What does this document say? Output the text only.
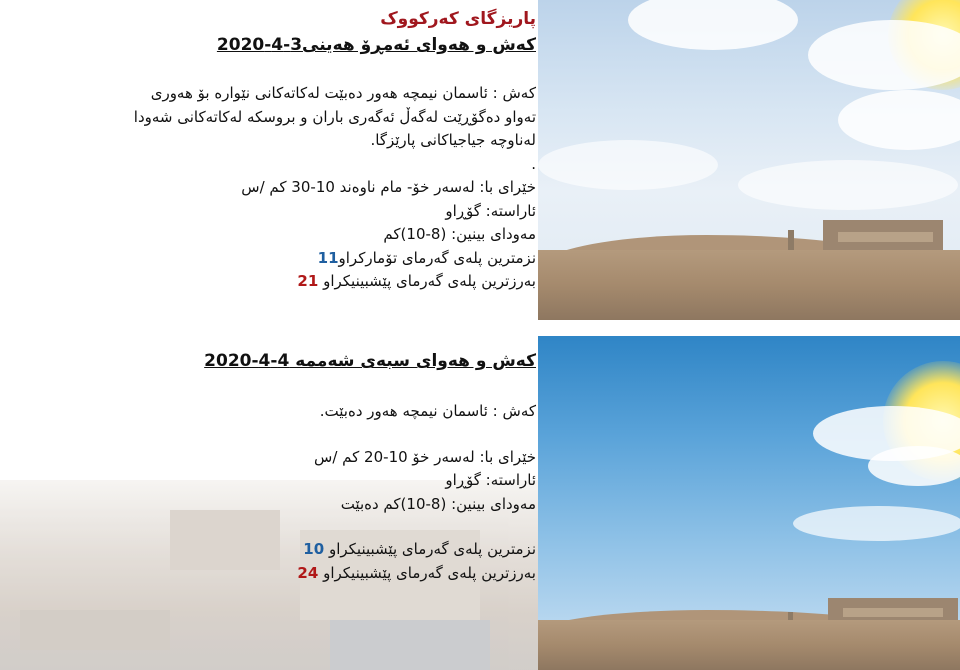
پاریزگای کەرکووک
کەش و هەوای ئەمڕۆ هەینی3-4-2020
کەش : ئاسمان نیمچە هەور دەبێت لەکاتەکانی نێوارە بۆ هەوری
تەواو دەگۆڕێت لەگەڵ ئەگەری باران و بروسکە لەکاتەکانی شەودا
لەناوچە جیاجیاکانی پارێزگا.
.
خێرای با: لەسەر خۆ- مام ناوەند 10-30 کم /س
ئاراستە: گۆڕاو
مەودای بینین: (8-10)کم
نزمترین پلەی گەرمای تۆمارکراو11
بەرزترین پلەی گەرمای پێشبینیکراو 21
کەش و هەوای سبەی شەممە 4-4-2020
کەش : ئاسمان نیمچە هەور دەبێت.
خێرای با: لەسەر خۆ 10-20 کم /س
ئاراستە: گۆڕاو
مەودای بینین: (8-10)کم دەبێت
نزمترین پلەی گەرمای پێشبینیکراو 10
بەرزترین پلەی گەرمای پێشبینیکراو 24
